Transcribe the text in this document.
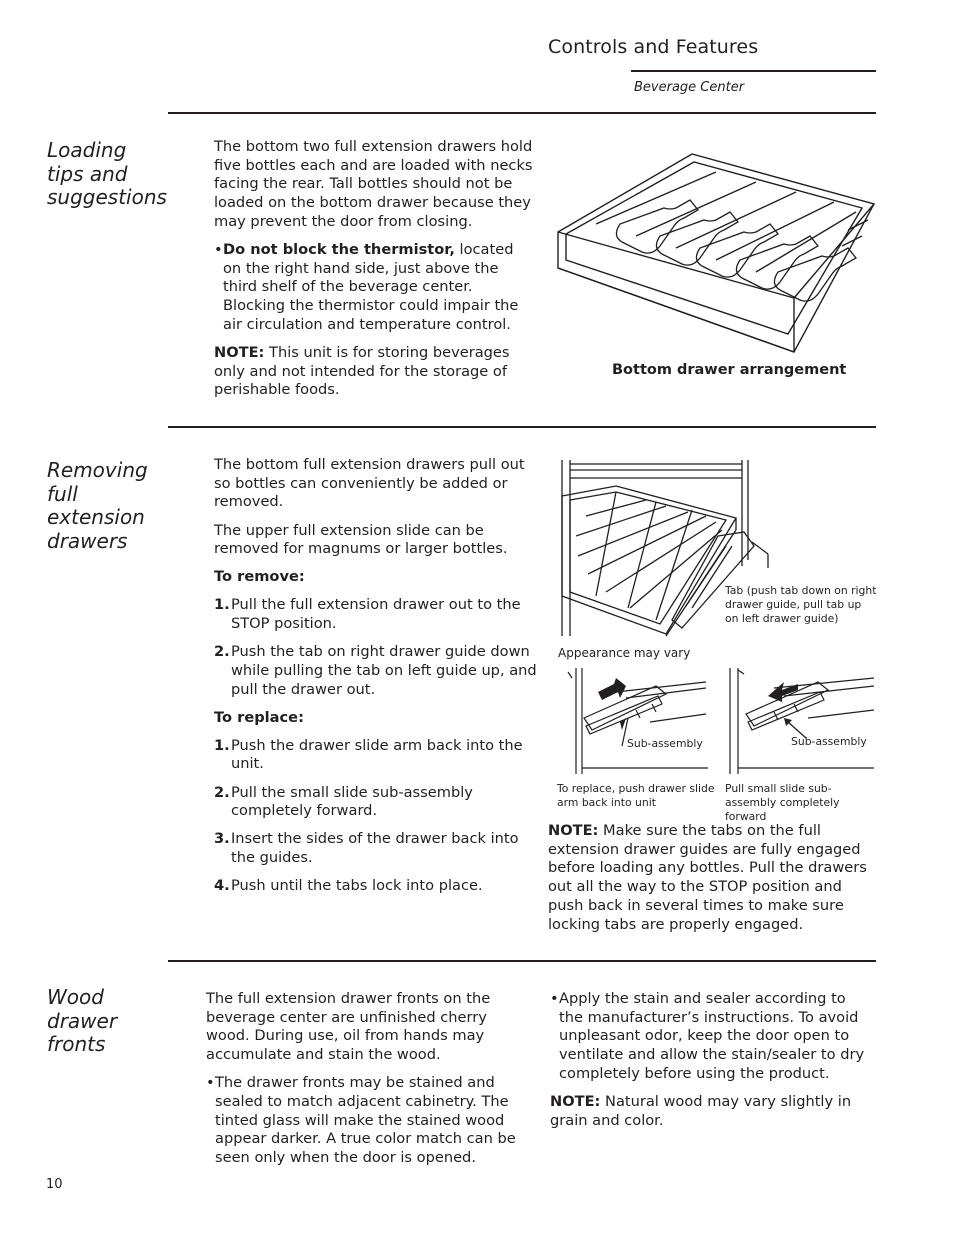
Controls and Features
Beverage Center
Loading
tips and
suggestions

The bottom two full extension drawers hold five bottles each and are loaded with necks facing the rear. Tall bottles should not be loaded on the bottom drawer because they may prevent the door from closing.

• Do not block the thermistor, located on the right hand side, just above the third shelf of the beverage center. Blocking the thermistor could impair the air circulation and temperature control.

NOTE: This unit is for storing beverages only and not intended for the storage of perishable foods.

Bottom drawer arrangement
Removing
full
extension
drawers

The bottom full extension drawers pull out so bottles can conveniently be added or removed.

The upper full extension slide can be removed for magnums or larger bottles.

To remove:

1. Pull the full extension drawer out to the STOP position.
2. Push the tab on right drawer guide down while pulling the tab on left guide up, and pull the drawer out.

To replace:

1. Push the drawer slide arm back into the unit.
2. Pull the small slide sub-assembly completely forward.
3. Insert the sides of the drawer back into the guides.
4. Push until the tabs lock into place.
Tab (push tab down on right drawer guide, pull tab up on left drawer guide)
Appearance may vary
Sub-assembly	Sub-assembly
To replace, push drawer slide arm back into unit
Pull small slide sub-assembly completely forward

NOTE: Make sure the tabs on the full extension drawer guides are fully engaged before loading any bottles. Pull the drawers out all the way to the STOP position and push back in several times to make sure locking tabs are properly engaged.

Wood
drawer
fronts

The full extension drawer fronts on the beverage center are unfinished cherry wood. During use, oil from hands may accumulate and stain the wood.

• The drawer fronts may be stained and sealed to match adjacent cabinetry. The tinted glass will make the stained wood appear darker. A true color match can be seen only when the door is opened.
• Apply the stain and sealer according to the manufacturer’s instructions. To avoid unpleasant odor, keep the door open to ventilate and allow the stain/sealer to dry completely before using the product.

NOTE: Natural wood may vary slightly in grain and color.

10
